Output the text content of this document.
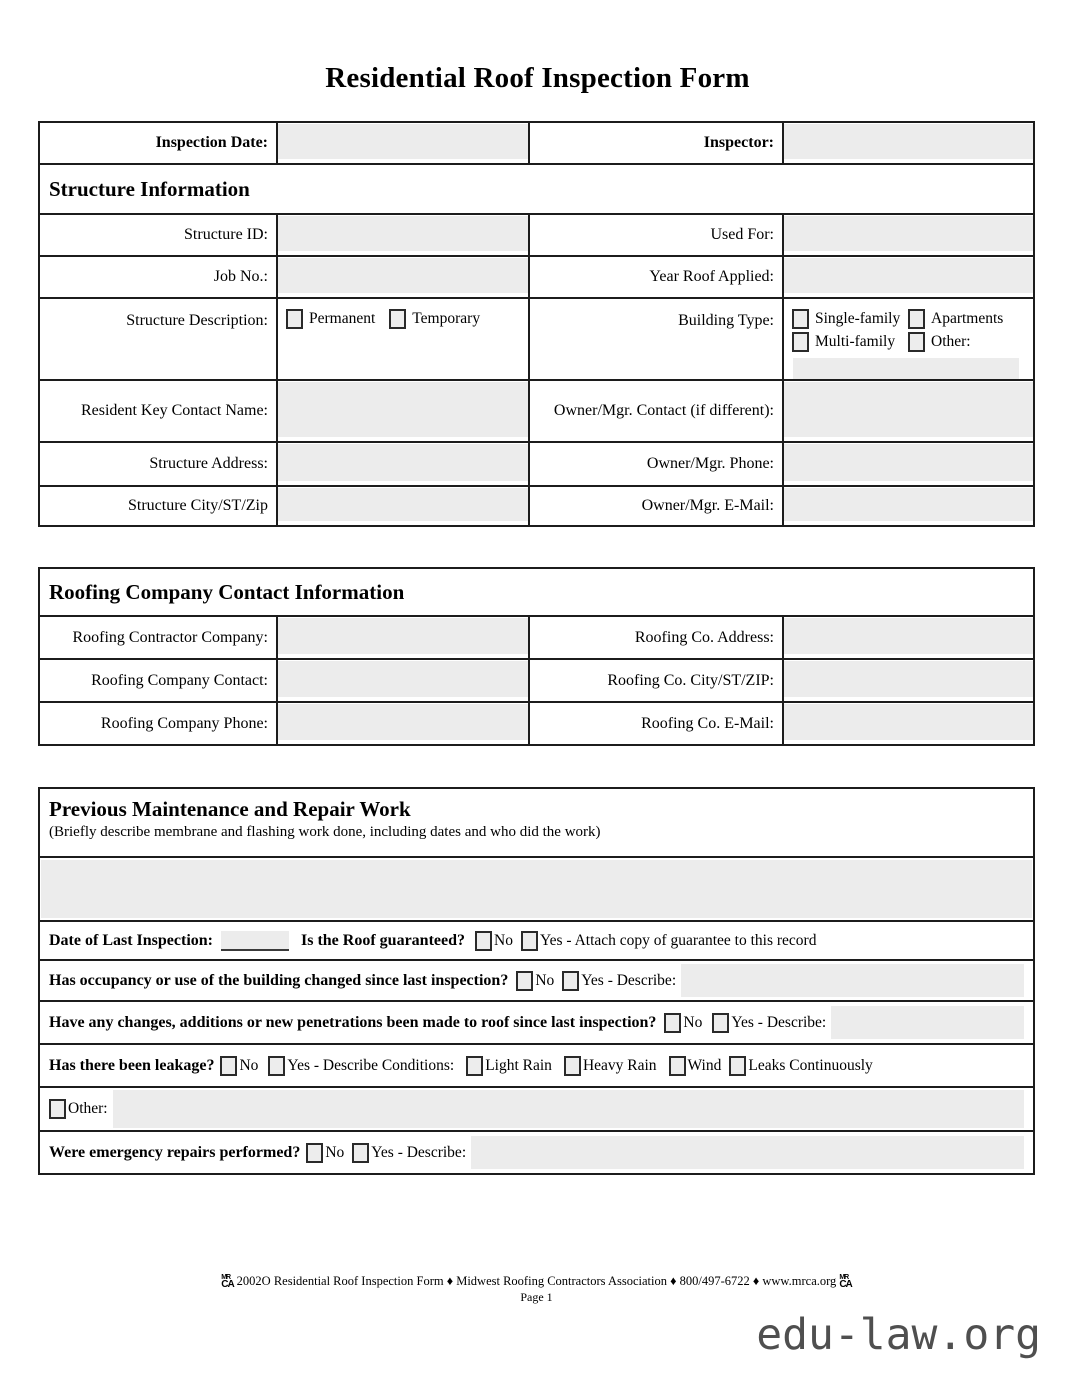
Residential Roof Inspection Form
Inspection Date:	Inspector:
Structure Information
Structure ID:	Used For:
Job No.:	Year Roof Applied:
Structure Description:	Permanent Temporary	Building Type:	Single-family Apartments
Multi-family Other:
Resident Key Contact Name:	Owner/Mgr. Contact (if different):
Structure Address:	Owner/Mgr. Phone:
Structure City/ST/Zip	Owner/Mgr. E-Mail:
Roofing Company Contact Information
Roofing Contractor Company:	Roofing Co. Address:
Roofing Company Contact:	Roofing Co. City/ST/ZIP:
Roofing Company Phone:	Roofing Co. E-Mail:
Previous Maintenance and Repair Work
(Briefly describe membrane and flashing work done, including dates and who did the work)
Date of Last Inspection:	Is the Roof guaranteed? No Yes - Attach copy of guarantee to this record
Has occupancy or use of the building changed since last inspection? No Yes - Describe:
Have any changes, additions or new penetrations been made to roof since last inspection? No Yes - Describe:
Has there been leakage? No Yes - Describe Conditions: Light Rain Heavy Rain Wind Leaks Continuously
Other:
Were emergency repairs performed? No Yes - Describe:
MR
CA 2002O Residential Roof Inspection Form ♦ Midwest Roofing Contractors Association ♦ 800/497-6722 ♦ www.mrca.org MR
CA
Page 1
edu-law.org
